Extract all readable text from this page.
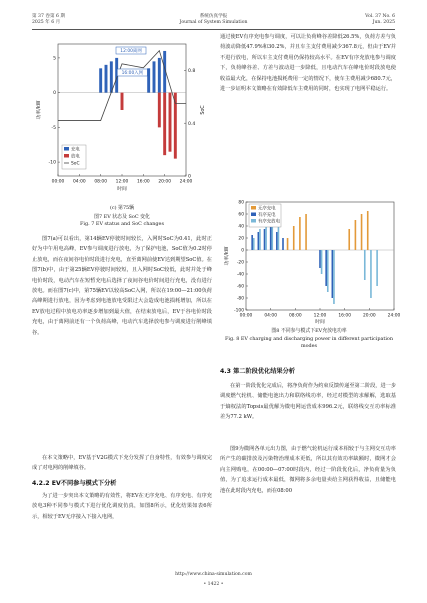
第 37 卷第 6 期
2025 年 6 月
系统仿真学报
Journal of System Simulation
Vol. 37 No. 6
Jun. 2025
5
0
-5
-10
0.8
0.4
0
00:00 04:00 08:00 12:00 16:00 20:00 24:00
时间
功率/kW	SoC
12:00离网
16:00入网
充电
放电
SoC
(c) 第75辆
图7 EV 状态及 SoC 变化
Fig. 7 EV status and SoC changes
图7(a)可以看出，第14辆EV停驶时间较长，入网时SoC为0.41，此时正好为中午用电高峰，EV参与调度进行放电，为了保护电池，SoC值为0.2时停止放电，而在夜间谷电价时段进行充电，直至离网前使EV达到期望SoC值。在图7(b)中，由于第25辆EV停驶时间较短，且入网时SoC较低，此时并处于峰电价时段，电动汽车在短暂充电后选择了夜间谷电价时间进行充电，没有进行放电。而在图7(c)中，第75辆EV以较高SoC入网，所以在19:00—21:00负荷高峰期进行放电，因为考虑到电池放电受限过大会造成电池损耗增加，所以在EV放电过程中放电功率逐步增加到最大值，在结束放电后，EV于谷电价时段充电，由于离网前还有一个负荷高峰，电动汽车选择放电参与调度进行削峰填谷。
在本文策略中，EV基于V2G模式下充分发挥了自身特性，有效参与调度完成了对电网的削峰填谷。
4.2.2 EV不同参与模式下分析
为了进一步突出本文策略的有效性，将EV在无序充电、有序充电、有序充放电3种不同参与模式下进行优化调度仿真，如图8所示，优化结果如表6所示，相较于EV无序接入下接入电网，
通过使EV有序充电参与调度，可以让负荷峰谷差降低26.5%，负荷方差与负荷波动降低47.9%和30.2%，并且车主支付费用减少367.8元，但由于EV并不进行放电，所以车主支付费用仍保持较高水平。在EV有序充放电参与调度下，负荷峰谷差、方差与波动进一步降低，且电动汽车在峰电价时段放电使收益最大化，在保持电池损耗费用一定的情况下，使车主费用减少680.7元，进一步证明本文策略在有效降低车主费用的同时，也实现了电网平稳运行。
80
60
40
20
0
-20
-40
-60
-80
-100
00:00	04:00	08:00	12:00	16:00	20:00	24:00
时间
功率/kW
无序充电
有序充电
有序充放电
图8 不同参与模式下EV充放电功率
Fig. 8 EV charging and discharging power in different participation modes
4.3 第二阶段优化结果分析
在第一阶段优化完成后，将净负荷作为约束反馈传递至第二阶段，进一步调度燃气轮机、储能电池出力和联络线功率，经过对模型的求解解，选取基于熵权法的Topsis最优解为微电网运营成本996.2元，联络线交互功率标准差为77.2 kW。
图9为微网各单元出力图，由于燃气轮机运行成本相较于与主网交互功率所产生的碳排放及污染物治理成本更低，所以其有效功率缺额时，微网才会向主网购电，在00:00—07:00时段内，经过一阶段优化后，净负荷量为负值，为了追求运行成本最低，微网将多余电量卖给主网获得收益，且储能电池在此时段内充电，而在08:00
http://www.china-simulation.com
• 1422 •
